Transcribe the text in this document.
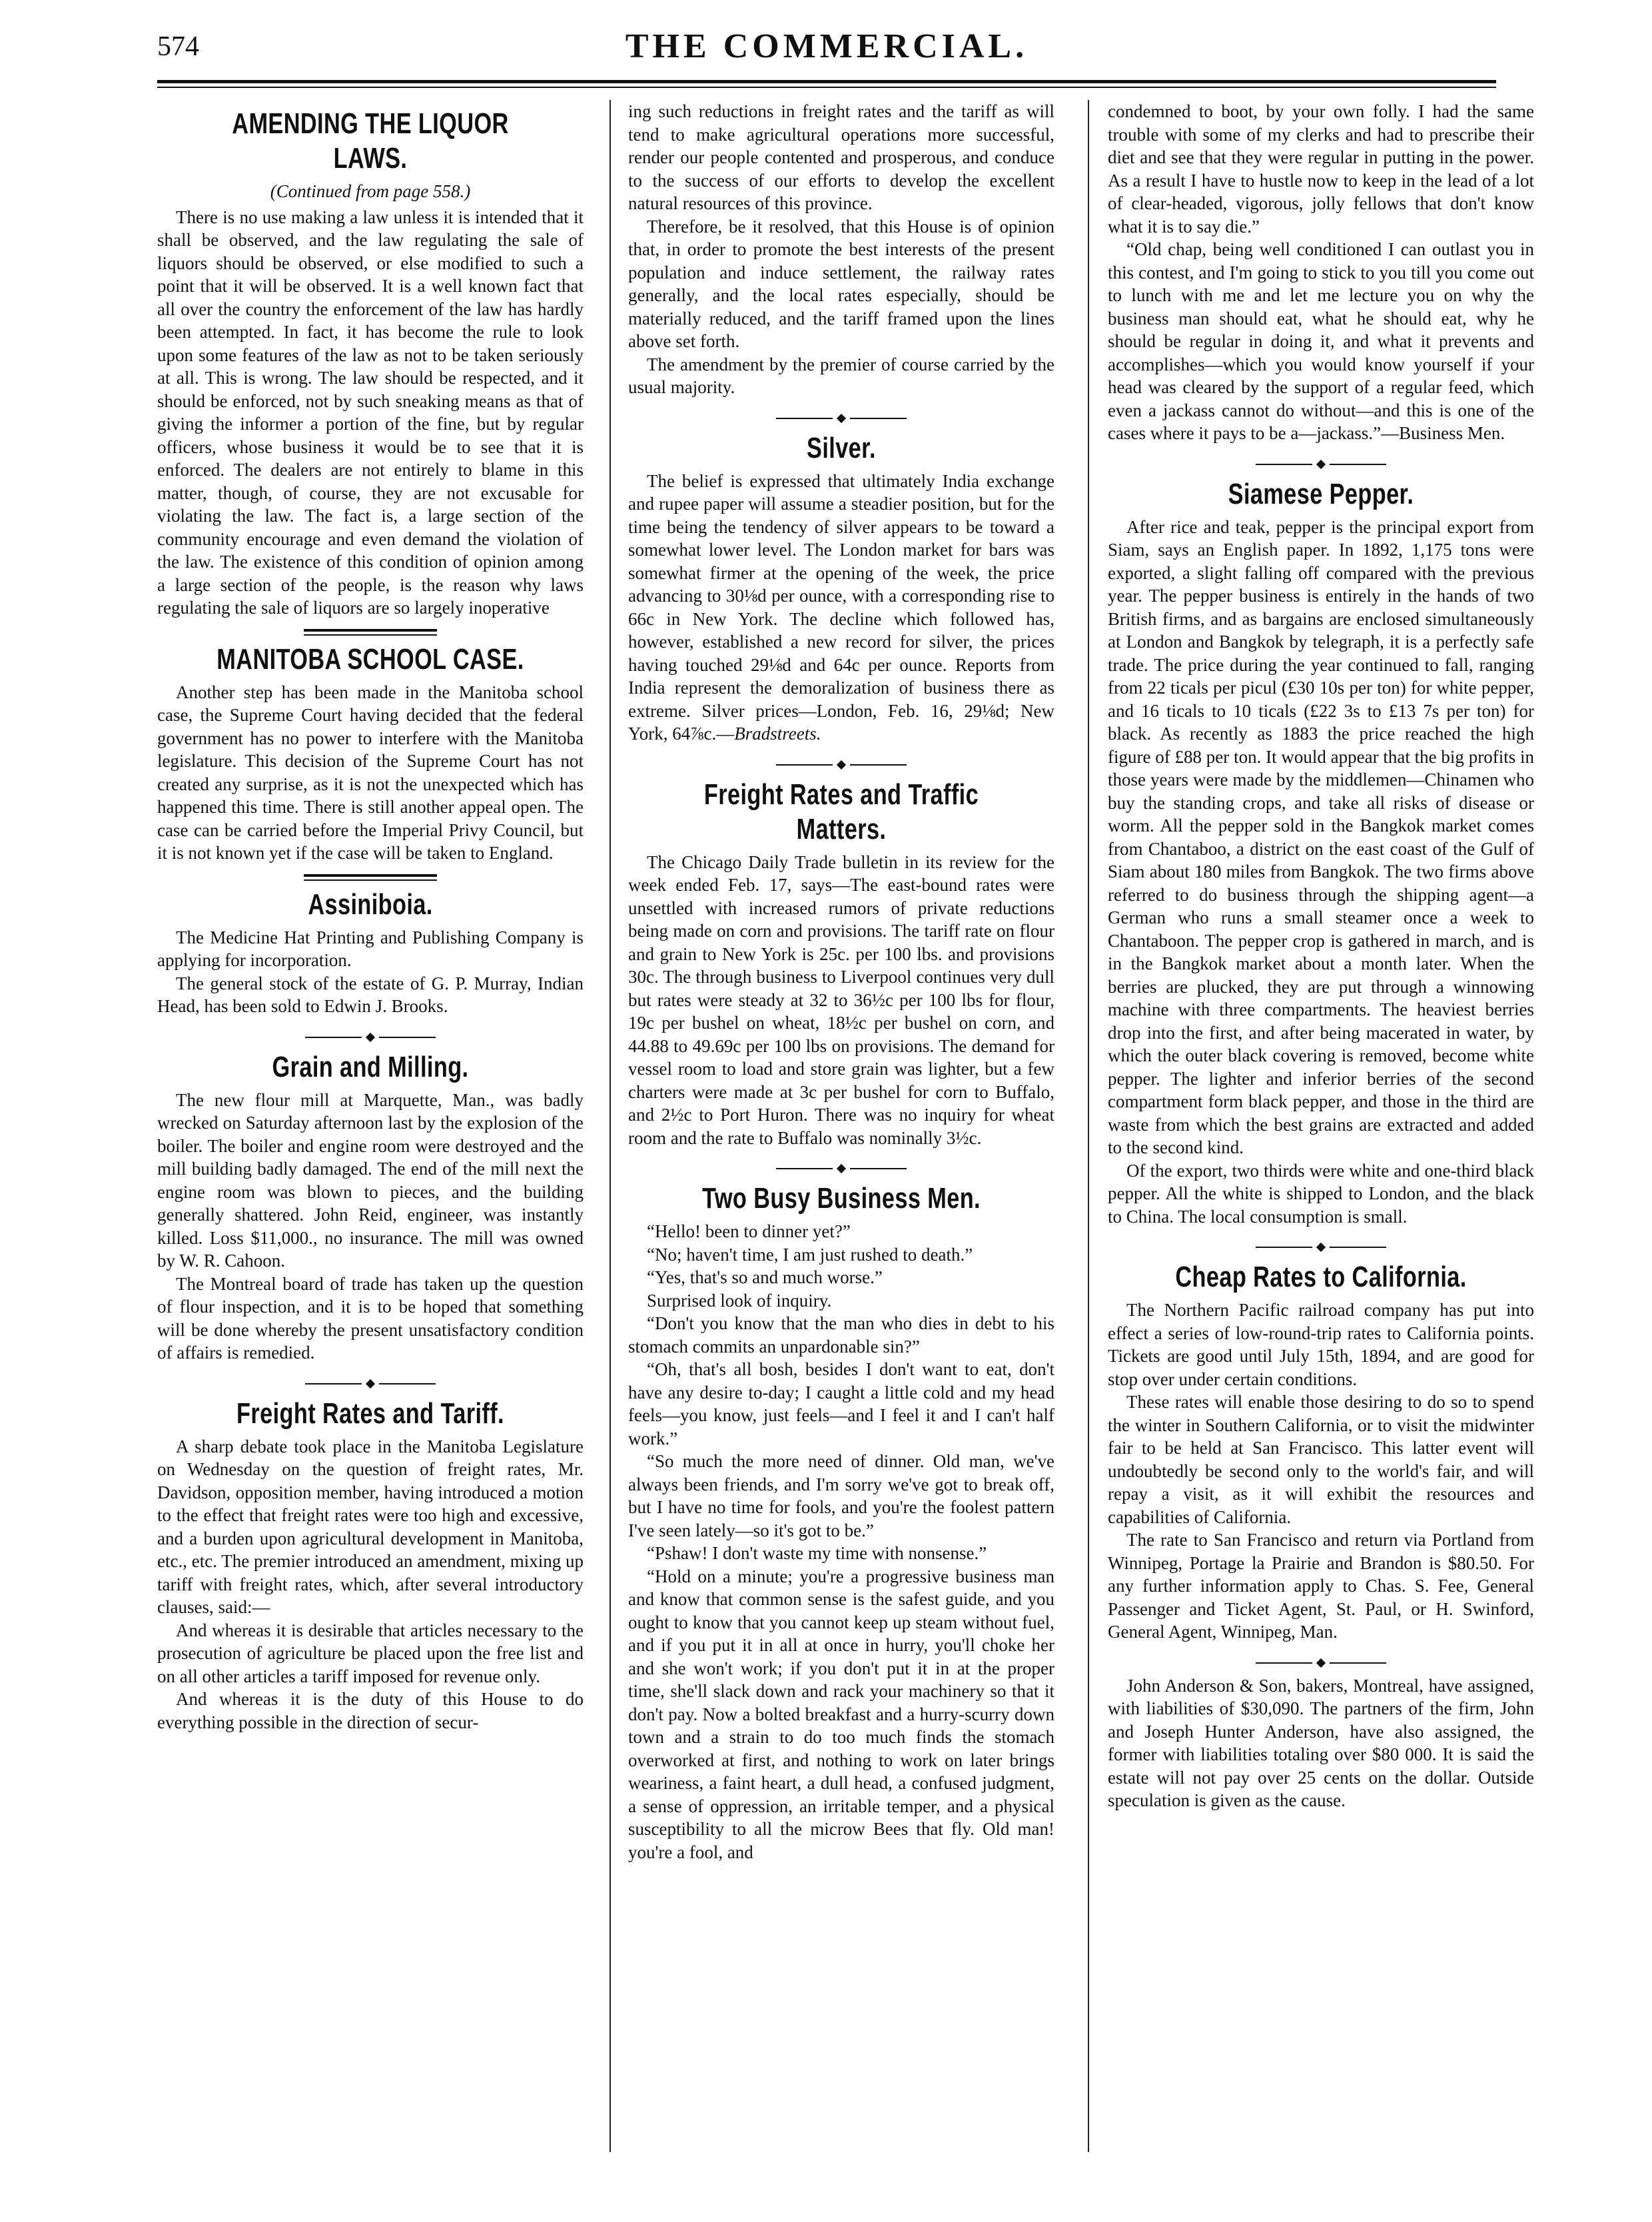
574	THE COMMERCIAL.
AMENDING THE LIQUOR LAWS.
(Continued from page 558.)

There is no use making a law unless it is intended that it shall be observed, and the law regulating the sale of liquors should be observed, or else modified to such a point that it will be observed. It is a well known fact that all over the country the enforcement of the law has hardly been attempted. In fact, it has become the rule to look upon some features of the law as not to be taken seriously at all. This is wrong. The law should be respected, and it should be enforced, not by such sneaking means as that of giving the informer a portion of the fine, but by regular officers, whose business it would be to see that it is enforced. The dealers are not entirely to blame in this matter, though, of course, they are not excusable for violating the law. The fact is, a large section of the community encourage and even demand the violation of the law. The existence of this condition of opinion among a large section of the people, is the reason why laws regulating the sale of liquors are so largely inoperative

MANITOBA SCHOOL CASE.

Another step has been made in the Manitoba school case, the Supreme Court having decided that the federal government has no power to interfere with the Manitoba legislature. This decision of the Supreme Court has not created any surprise, as it is not the unexpected which has happened this time. There is still another appeal open. The case can be carried before the Imperial Privy Council, but it is not known yet if the case will be taken to England.

Assiniboia.

The Medicine Hat Printing and Publishing Company is applying for incorporation.

The general stock of the estate of G. P. Murray, Indian Head, has been sold to Edwin J. Brooks.

Grain and Milling.

The new flour mill at Marquette, Man., was badly wrecked on Saturday afternoon last by the explosion of the boiler. The boiler and engine room were destroyed and the mill building badly damaged. The end of the mill next the engine room was blown to pieces, and the building generally shattered. John Reid, engineer, was instantly killed. Loss $11,000., no insurance. The mill was owned by W. R. Cahoon.

The Montreal board of trade has taken up the question of flour inspection, and it is to be hoped that something will be done whereby the present unsatisfactory condition of affairs is remedied.

Freight Rates and Tariff.

A sharp debate took place in the Manitoba Legislature on Wednesday on the question of freight rates, Mr. Davidson, opposition member, having introduced a motion to the effect that freight rates were too high and excessive, and a burden upon agricultural development in Manitoba, etc., etc. The premier introduced an amendment, mixing up tariff with freight rates, which, after several introductory clauses, said:—

And whereas it is desirable that articles necessary to the prosecution of agriculture be placed upon the free list and on all other articles a tariff imposed for revenue only.

And whereas it is the duty of this House to do everything possible in the direction of secur-

ing such reductions in freight rates and the tariff as will tend to make agricultural operations more successful, render our people contented and prosperous, and conduce to the success of our efforts to develop the excellent natural resources of this province.

Therefore, be it resolved, that this House is of opinion that, in order to promote the best interests of the present population and induce settlement, the railway rates generally, and the local rates especially, should be materially reduced, and the tariff framed upon the lines above set forth.

The amendment by the premier of course carried by the usual majority.

Silver.

The belief is expressed that ultimately India exchange and rupee paper will assume a steadier position, but for the time being the tendency of silver appears to be toward a somewhat lower level. The London market for bars was somewhat firmer at the opening of the week, the price advancing to 30⅛d per ounce, with a corresponding rise to 66c in New York. The decline which followed has, however, established a new record for silver, the prices having touched 29⅛d and 64c per ounce. Reports from India represent the demoralization of business there as extreme. Silver prices—London, Feb. 16, 29⅛d; New York, 64⅞c.—Bradstreets.

Freight Rates and Traffic Matters.

The Chicago Daily Trade bulletin in its review for the week ended Feb. 17, says—The east-bound rates were unsettled with increased rumors of private reductions being made on corn and provisions. The tariff rate on flour and grain to New York is 25c. per 100 lbs. and provisions 30c. The through business to Liverpool continues very dull but rates were steady at 32 to 36½c per 100 lbs for flour, 19c per bushel on wheat, 18½c per bushel on corn, and 44.88 to 49.69c per 100 lbs on provisions. The demand for vessel room to load and store grain was lighter, but a few charters were made at 3c per bushel for corn to Buffalo, and 2½c to Port Huron. There was no inquiry for wheat room and the rate to Buffalo was nominally 3½c.

Two Busy Business Men.

“Hello! been to dinner yet?”

“No; haven't time, I am just rushed to death.”

“Yes, that's so and much worse.”

Surprised look of inquiry.

“Don't you know that the man who dies in debt to his stomach commits an unpardonable sin?”

“Oh, that's all bosh, besides I don't want to eat, don't have any desire to-day; I caught a little cold and my head feels—you know, just feels—and I feel it and I can't half work.”

“So much the more need of dinner. Old man, we've always been friends, and I'm sorry we've got to break off, but I have no time for fools, and you're the foolest pattern I've seen lately—so it's got to be.”

“Pshaw! I don't waste my time with nonsense.”

“Hold on a minute; you're a progressive business man and know that common sense is the safest guide, and you ought to know that you cannot keep up steam without fuel, and if you put it in all at once in hurry, you'll choke her and she won't work; if you don't put it in at the proper time, she'll slack down and rack your machinery so that it don't pay. Now a bolted breakfast and a hurry-scurry down town and a strain to do too much finds the stomach overworked at first, and nothing to work on later brings weariness, a faint heart, a dull head, a confused judgment, a sense of oppression, an irritable temper, and a physical susceptibility to all the microw Bees that fly. Old man! you're a fool, and

condemned to boot, by your own folly. I had the same trouble with some of my clerks and had to prescribe their diet and see that they were regular in putting in the power. As a result I have to hustle now to keep in the lead of a lot of clear-headed, vigorous, jolly fellows that don't know what it is to say die.”

“Old chap, being well conditioned I can outlast you in this contest, and I'm going to stick to you till you come out to lunch with me and let me lecture you on why the business man should eat, what he should eat, why he should be regular in doing it, and what it prevents and accomplishes—which you would know yourself if your head was cleared by the support of a regular feed, which even a jackass cannot do without—and this is one of the cases where it pays to be a—jackass.”—Business Men.

Siamese Pepper.

After rice and teak, pepper is the principal export from Siam, says an English paper. In 1892, 1,175 tons were exported, a slight falling off compared with the previous year. The pepper business is entirely in the hands of two British firms, and as bargains are enclosed simultaneously at London and Bangkok by telegraph, it is a perfectly safe trade. The price during the year continued to fall, ranging from 22 ticals per picul (£30 10s per ton) for white pepper, and 16 ticals to 10 ticals (£22 3s to £13 7s per ton) for black. As recently as 1883 the price reached the high figure of £88 per ton. It would appear that the big profits in those years were made by the middlemen—Chinamen who buy the standing crops, and take all risks of disease or worm. All the pepper sold in the Bangkok market comes from Chantaboo, a district on the east coast of the Gulf of Siam about 180 miles from Bangkok. The two firms above referred to do business through the shipping agent—a German who runs a small steamer once a week to Chantaboon. The pepper crop is gathered in march, and is in the Bangkok market about a month later. When the berries are plucked, they are put through a winnowing machine with three compartments. The heaviest berries drop into the first, and after being macerated in water, by which the outer black covering is removed, become white pepper. The lighter and inferior berries of the second compartment form black pepper, and those in the third are waste from which the best grains are extracted and added to the second kind.

Of the export, two thirds were white and one-third black pepper. All the white is shipped to London, and the black to China. The local consumption is small.

Cheap Rates to California.

The Northern Pacific railroad company has put into effect a series of low-round-trip rates to California points. Tickets are good until July 15th, 1894, and are good for stop over under certain conditions.

These rates will enable those desiring to do so to spend the winter in Southern California, or to visit the midwinter fair to be held at San Francisco. This latter event will undoubtedly be second only to the world's fair, and will repay a visit, as it will exhibit the resources and capabilities of California.

The rate to San Francisco and return via Portland from Winnipeg, Portage la Prairie and Brandon is $80.50. For any further information apply to Chas. S. Fee, General Passenger and Ticket Agent, St. Paul, or H. Swinford, General Agent, Winnipeg, Man.

John Anderson & Son, bakers, Montreal, have assigned, with liabilities of $30,090. The partners of the firm, John and Joseph Hunter Anderson, have also assigned, the former with liabilities totaling over $80 000. It is said the estate will not pay over 25 cents on the dollar. Outside speculation is given as the cause.
